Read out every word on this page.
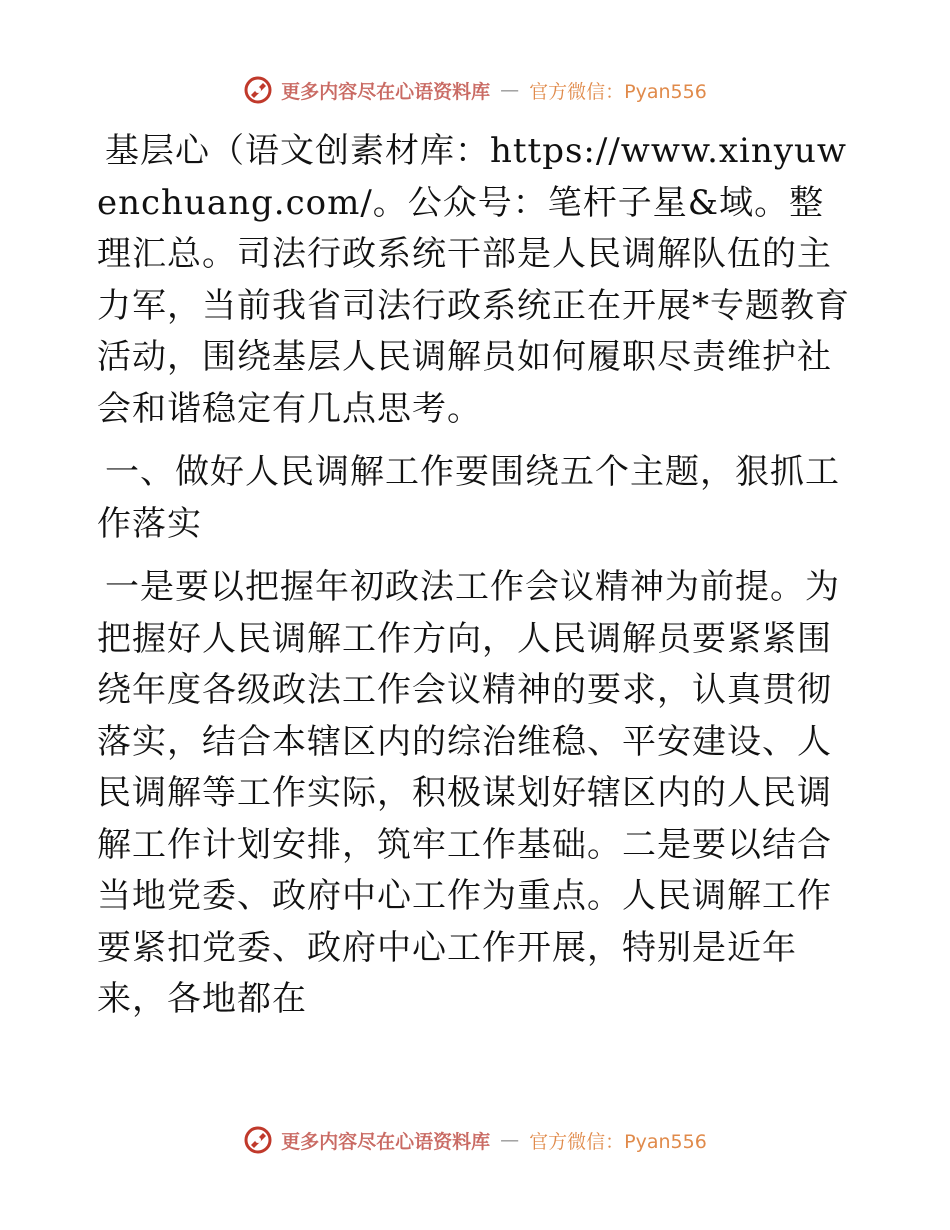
更多内容尽在心语资料库 — 官方微信：Pyan556

基层心（语文创素材库：https://www.xinyuwenchuang.com/。公众号：笔杆子星&域。整理汇总。司法行政系统干部是人民调解队伍的主力军，当前我省司法行政系统正在开展*专题教育活动，围绕基层人民调解员如何履职尽责维护社会和谐稳定有几点思考。

一、做好人民调解工作要围绕五个主题，狠抓工作落实

一是要以把握年初政法工作会议精神为前提。为把握好人民调解工作方向，人民调解员要紧紧围绕年度各级政法工作会议精神的要求，认真贯彻落实，结合本辖区内的综治维稳、平安建设、人民调解等工作实际，积极谋划好辖区内的人民调解工作计划安排，筑牢工作基础。二是要以结合当地党委、政府中心工作为重点。人民调解工作要紧扣党委、政府中心工作开展，特别是近年来，各地都在

更多内容尽在心语资料库 — 官方微信：Pyan556
